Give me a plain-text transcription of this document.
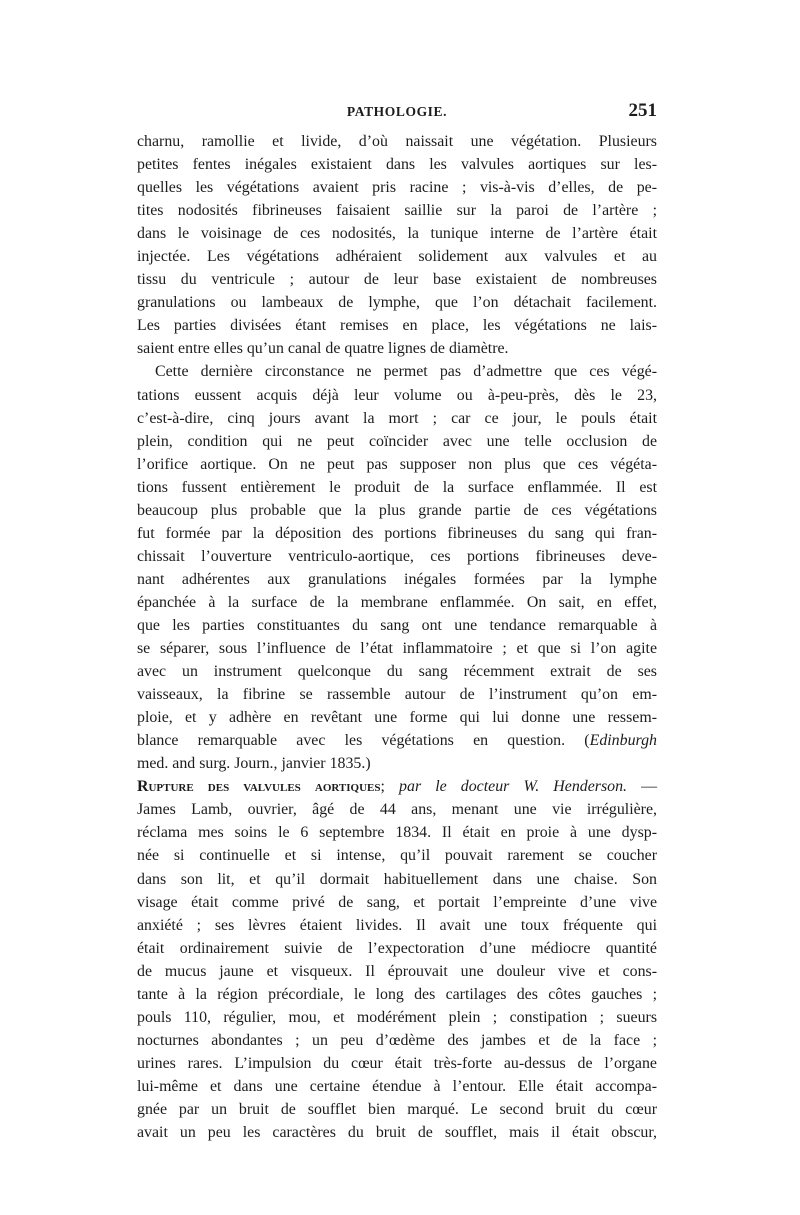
PATHOLOGIE.	251
charnu, ramollie et livide, d’où naissait une végétation. Plusieurs
petites fentes inégales existaient dans les valvules aortiques sur les-
quelles les végétations avaient pris racine ; vis-à-vis d’elles, de pe-
tites nodosités fibrineuses faisaient saillie sur la paroi de l’artère ;
dans le voisinage de ces nodosités, la tunique interne de l’artère était
injectée. Les végétations adhéraient solidement aux valvules et au
tissu du ventricule ; autour de leur base existaient de nombreuses
granulations ou lambeaux de lymphe, que l’on détachait facilement.
Les parties divisées étant remises en place, les végétations ne lais-
saient entre elles qu’un canal de quatre lignes de diamètre.
Cette dernière circonstance ne permet pas d’admettre que ces végé-
tations eussent acquis déjà leur volume ou à-peu-près, dès le 23,
c’est-à-dire, cinq jours avant la mort ; car ce jour, le pouls était
plein, condition qui ne peut coïncider avec une telle occlusion de
l’orifice aortique. On ne peut pas supposer non plus que ces végéta-
tions fussent entièrement le produit de la surface enflammée. Il est
beaucoup plus probable que la plus grande partie de ces végétations
fut formée par la déposition des portions fibrineuses du sang qui fran-
chissait l’ouverture ventriculo-aortique, ces portions fibrineuses deve-
nant adhérentes aux granulations inégales formées par la lymphe
épanchée à la surface de la membrane enflammée. On sait, en effet,
que les parties constituantes du sang ont une tendance remarquable à
se séparer, sous l’influence de l’état inflammatoire ; et que si l’on agite
avec un instrument quelconque du sang récemment extrait de ses
vaisseaux, la fibrine se rassemble autour de l’instrument qu’on em-
ploie, et y adhère en revêtant une forme qui lui donne une ressem-
blance remarquable avec les végétations en question. (Edinburgh
med. and surg. Journ., janvier 1835.)
Rupture des valvules aortiques; par le docteur W. Henderson. —
James Lamb, ouvrier, âgé de 44 ans, menant une vie irrégulière,
réclama mes soins le 6 septembre 1834. Il était en proie à une dysp-
née si continuelle et si intense, qu’il pouvait rarement se coucher
dans son lit, et qu’il dormait habituellement dans une chaise. Son
visage était comme privé de sang, et portait l’empreinte d’une vive
anxiété ; ses lèvres étaient livides. Il avait une toux fréquente qui
était ordinairement suivie de l’expectoration d’une médiocre quantité
de mucus jaune et visqueux. Il éprouvait une douleur vive et cons-
tante à la région précordiale, le long des cartilages des côtes gauches ;
pouls 110, régulier, mou, et modérément plein ; constipation ; sueurs
nocturnes abondantes ; un peu d’œdème des jambes et de la face ;
urines rares. L’impulsion du cœur était très-forte au-dessus de l’organe
lui-même et dans une certaine étendue à l’entour. Elle était accompa-
gnée par un bruit de soufflet bien marqué. Le second bruit du cœur
avait un peu les caractères du bruit de soufflet, mais il était obscur,
